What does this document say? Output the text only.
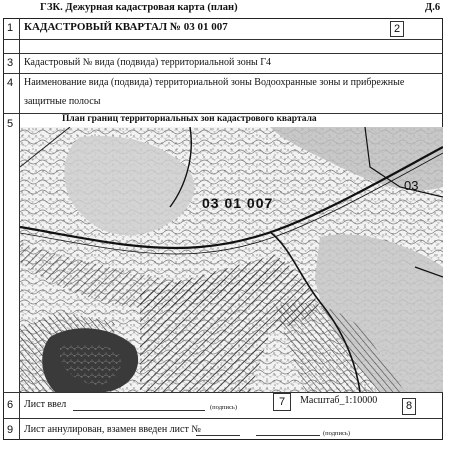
ГЗК. Дежурная кадастровая карта (план)	Д.6
1 КАДАСТРОВЫЙ КВАРТАЛ № 03 01 007	2
3 Кадастровый № вида (подвида) территориальной зоны Г4
4 Наименование вида (подвида) территориальной зоны Водоохранные зоны и прибрежные
защитные полосы
5	План границ территориальных зон кадастрового квартала
03 01 007
03
6 Лист ввел	(подпись)	7	Масштаб_1:10000	8
9 Лист аннулирован, взамен введен лист №	(подпись)
